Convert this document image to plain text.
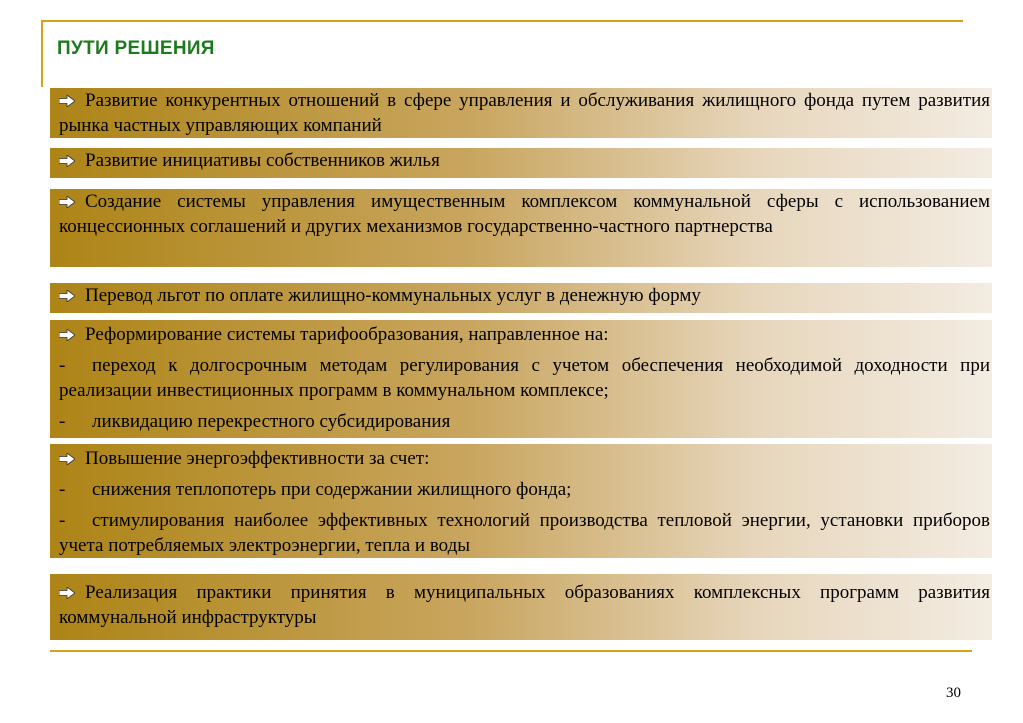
ПУТИ РЕШЕНИЯ
Развитие конкурентных отношений в сфере управления и обслуживания жилищного фонда путем развития рынка частных управляющих компаний
Развитие инициативы собственников жилья
Создание системы управления имущественным комплексом коммунальной сферы с использованием концессионных соглашений и других механизмов государственно-частного партнерства
Перевод льгот по оплате жилищно-коммунальных услуг в денежную форму
Реформирование системы тарифообразования, направленное на:
- переход к долгосрочным методам регулирования с учетом обеспечения необходимой доходности при реализации инвестиционных программ в коммунальном комплексе;
- ликвидацию перекрестного субсидирования
Повышение энергоэффективности за счет:
- снижения теплопотерь при содержании жилищного фонда;
- стимулирования наиболее эффективных технологий производства тепловой энергии, установки приборов учета потребляемых электроэнергии, тепла и воды
Реализация практики принятия в муниципальных образованиях комплексных программ развития коммунальной инфраструктуры
30
